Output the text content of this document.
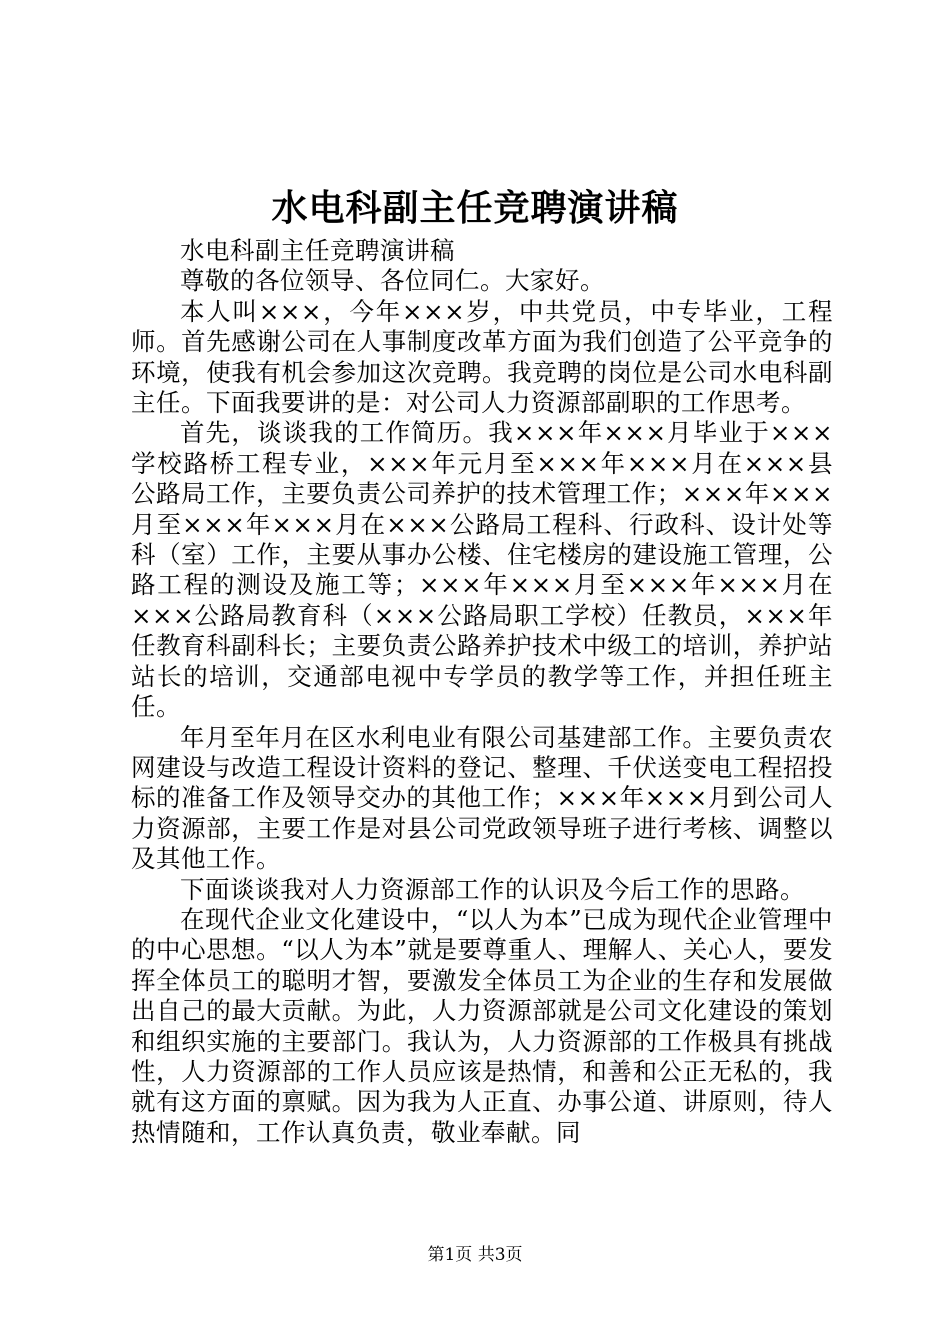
水电科副主任竞聘演讲稿

水电科副主任竞聘演讲稿

尊敬的各位领导、各位同仁。大家好。

本人叫×××，今年×××岁，中共党员，中专毕业，工程师。首先感谢公司在人事制度改革方面为我们创造了公平竞争的环境，使我有机会参加这次竞聘。我竞聘的岗位是公司水电科副主任。下面我要讲的是：对公司人力资源部副职的工作思考。

首先，谈谈我的工作简历。我×××年×××月毕业于×××学校路桥工程专业，×××年元月至×××年×××月在×××县公路局工作，主要负责公司养护的技术管理工作；×××年×××月至×××年×××月在×××公路局工程科、行政科、设计处等科（室）工作，主要从事办公楼、住宅楼房的建设施工管理，公路工程的测设及施工等；×××年×××月至×××年×××月在×××公路局教育科（×××公路局职工学校）任教员，×××年任教育科副科长；主要负责公路养护技术中级工的培训，养护站站长的培训，交通部电视中专学员的教学等工作，并担任班主任。

年月至年月在区水利电业有限公司基建部工作。主要负责农网建设与改造工程设计资料的登记、整理、千伏送变电工程招投标的准备工作及领导交办的其他工作；×××年×××月到公司人力资源部，主要工作是对县公司党政领导班子进行考核、调整以及其他工作。

下面谈谈我对人力资源部工作的认识及今后工作的思路。

在现代企业文化建设中，“以人为本”已成为现代企业管理中的中心思想。“以人为本”就是要尊重人、理解人、关心人，要发挥全体员工的聪明才智，要激发全体员工为企业的生存和发展做出自己的最大贡献。为此，人力资源部就是公司文化建设的策划和组织实施的主要部门。我认为，人力资源部的工作极具有挑战性，人力资源部的工作人员应该是热情，和善和公正无私的，我就有这方面的禀赋。因为我为人正直、办事公道、讲原则，待人热情随和，工作认真负责，敬业奉献。同

第1页 共3页
